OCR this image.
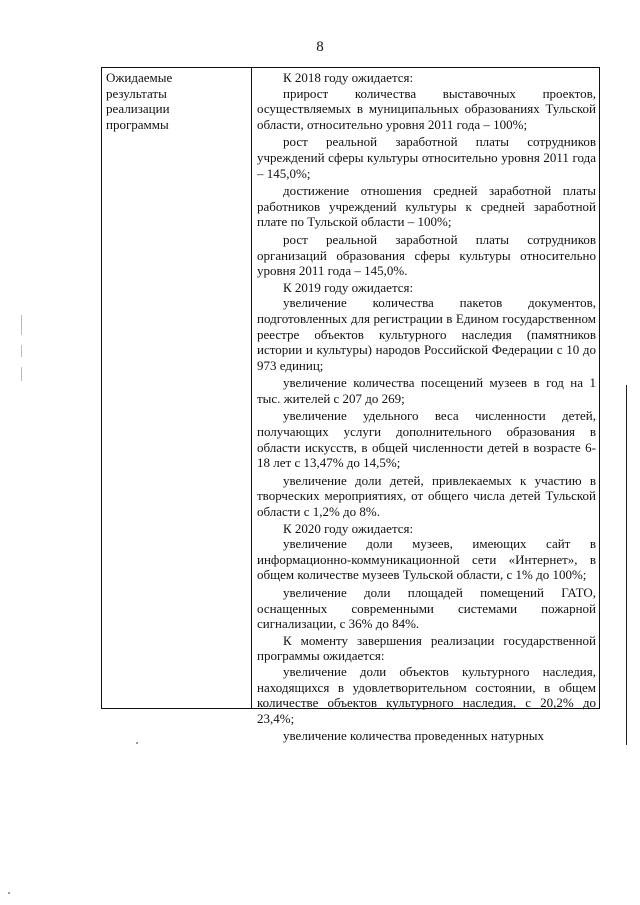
8
Ожидаемые
результаты
реализации
программы

К 2018 году ожидается:

прирост количества выставочных проектов, осуществляемых в муниципальных образованиях Тульской области, относительно уровня 2011 года – 100%;

рост реальной заработной платы сотрудников учреждений сферы культуры относительно уровня 2011 года – 145,0%;

достижение отношения средней заработной платы работников учреждений культуры к средней заработной плате по Тульской области – 100%;

рост реальной заработной платы сотрудников организаций образования сферы культуры относительно уровня 2011 года – 145,0%.

К 2019 году ожидается:

увеличение количества пакетов документов, подготовленных для регистрации в Едином государственном реестре объектов культурного наследия (памятников истории и культуры) народов Российской Федерации с 10 до 973 единиц;

увеличение количества посещений музеев в год на 1 тыс. жителей с 207 до 269;

увеличение удельного веса численности детей, получающих услуги дополнительного образования в области искусств, в общей численности детей в возрасте 6-18 лет с 13,47% до 14,5%;

увеличение доли детей, привлекаемых к участию в творческих мероприятиях, от общего числа детей Тульской области с 1,2% до 8%.

К 2020 году ожидается:

увеличение доли музеев, имеющих сайт в информационно-коммуникационной сети «Интернет», в общем количестве музеев Тульской области, с 1% до 100%;

увеличение доли площадей помещений ГАТО, оснащенных современными системами пожарной сигнализации, с 36% до 84%.

К моменту завершения реализации государственной программы ожидается:

увеличение доли объектов культурного наследия, находящихся в удовлетворительном состоянии, в общем количестве объектов культурного наследия, с 20,2% до 23,4%;

увеличение количества проведенных натурных
